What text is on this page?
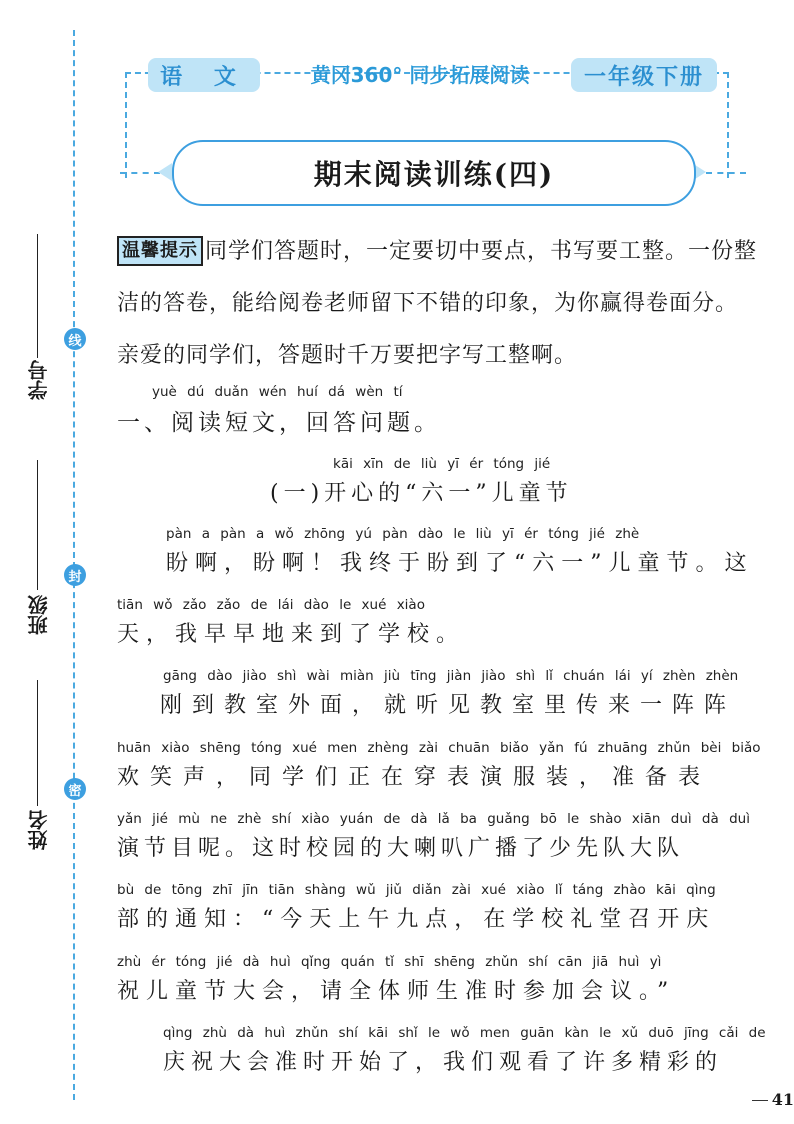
线
封
密
学号
班级
姓名
语 文	黄冈360° 同步拓展阅读	一年级下册
期末阅读训练(四)
温馨提示 同学们答题时，一定要切中要点，书写要工整。一份整洁的答卷，能给阅卷老师留下不错的印象，为你赢得卷面分。亲爱的同学们，答题时千万要把字写工整啊。
yuè dú duǎn wén huí dá wèn tí
一、阅读短文，回答问题。
kāi xīn de liù yī ér tóng jié
(一)开心的“六一”儿童节
pàn a pàn a wǒ zhōng yú pàn dào le liù yī ér tóng jié zhè
盼啊，盼啊！我终于盼到了“六一”儿童节。这
tiān wǒ zǎo zǎo de lái dào le xué xiào
天，我早早地来到了学校。
gāng dào jiào shì wài miàn jiù tīng jiàn jiào shì lǐ chuán lái yí zhèn zhèn
刚到教室外面，就听见教室里传来一阵阵
huān xiào shēng tóng xué men zhèng zài chuān biǎo yǎn fú zhuāng zhǔn bèi biǎo
欢笑声，同学们正在穿表演服装，准备表
yǎn jié mù ne zhè shí xiào yuán de dà lǎ ba guǎng bō le shào xiān duì dà duì
演节目呢。这时校园的大喇叭广播了少先队大队
bù de tōng zhī jīn tiān shàng wǔ jiǔ diǎn zài xué xiào lǐ táng zhào kāi qìng
部的通知：“今天上午九点，在学校礼堂召开庆
zhù ér tóng jié dà huì qǐng quán tǐ shī shēng zhǔn shí cān jiā huì yì
祝儿童节大会，请全体师生准时参加会议。”
qìng zhù dà huì zhǔn shí kāi shǐ le wǒ men guān kàn le xǔ duō jīng cǎi de
庆祝大会准时开始了，我们观看了许多精彩的
41
